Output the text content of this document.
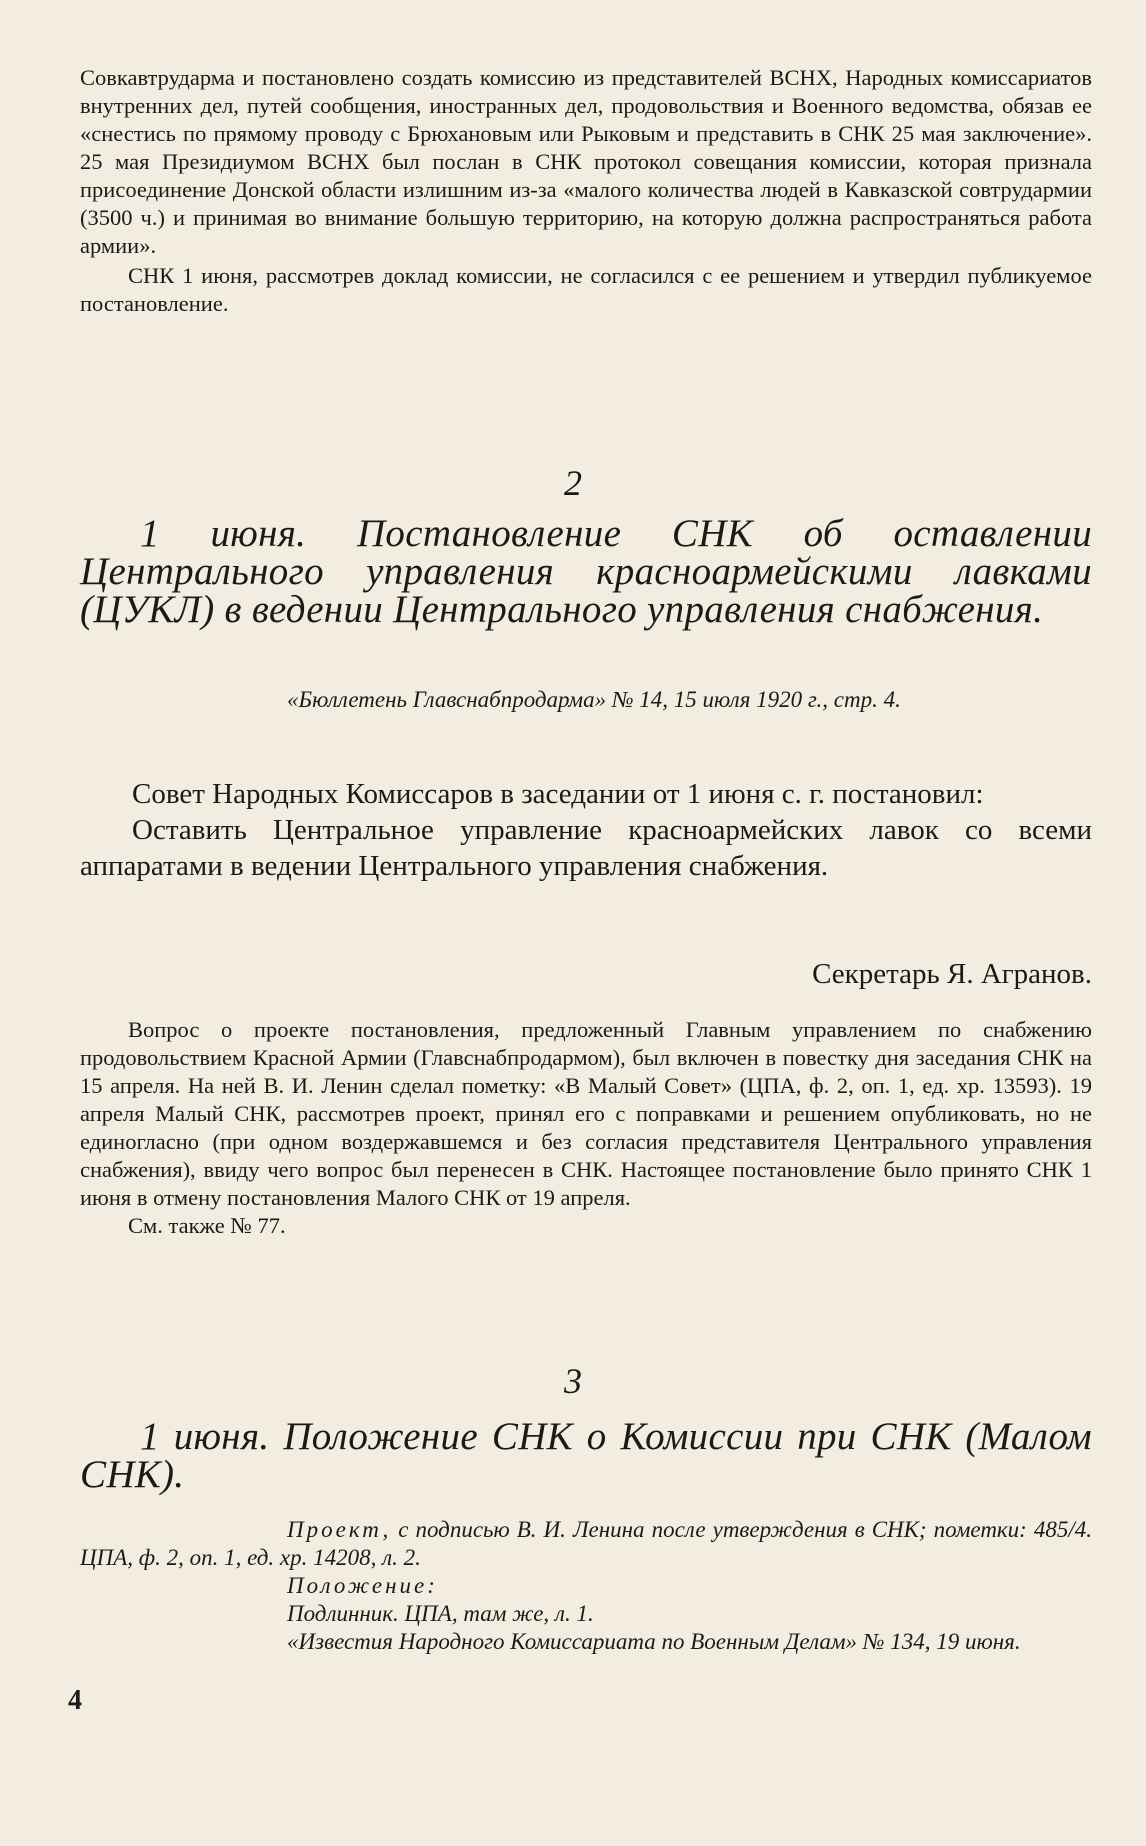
Совкавтрударма и постановлено создать комиссию из представителей ВСНХ, Народных комиссариатов внутренних дел, путей сообщения, иностранных дел, продовольствия и Военного ведомства, обязав ее «снестись по прямому проводу с Брюхановым или Рыковым и представить в СНК 25 мая заключение». 25 мая Президиумом ВСНХ был послан в СНК протокол совещания комиссии, которая признала присоединение Донской области излишним из-за «малого количества людей в Кавказской совтрудармии (3500 ч.) и принимая во внимание большую территорию, на которую должна распространяться работа армии».

СНК 1 июня, рассмотрев доклад комиссии, не согласился с ее решением и утвердил публикуемое постановление.

2

1 июня. Постановление СНК об оставлении Центрального управления красноармейскими лавками (ЦУКЛ) в ведении Центрального управления снабжения.

«Бюллетень Главснабпродарма» № 14, 15 июля 1920 г., стр. 4.

Совет Народных Комиссаров в заседании от 1 июня с. г. постановил:

Оставить Центральное управление красноармейских лавок со всеми аппаратами в ведении Центрального управления снабжения.

Секретарь Я. Агранов.

Вопрос о проекте постановления, предложенный Главным управлением по снабжению продовольствием Красной Армии (Главснабпродармом), был включен в повестку дня заседания СНК на 15 апреля. На ней В. И. Ленин сделал пометку: «В Малый Совет» (ЦПА, ф. 2, оп. 1, ед. хр. 13593). 19 апреля Малый СНК, рассмотрев проект, принял его с поправками и решением опубликовать, но не единогласно (при одном воздержавшемся и без согласия представителя Центрального управления снабжения), ввиду чего вопрос был перенесен в СНК. Настоящее постановление было принято СНК 1 июня в отмену постановления Малого СНК от 19 апреля.

См. также № 77.

3

1 июня. Положение СНК о Комиссии при СНК (Малом СНК).

Проект, с подписью В. И. Ленина после утверждения в СНК; пометки: 485/4. ЦПА, ф. 2, оп. 1, ед. хр. 14208, л. 2.

Положение:

Подлинник. ЦПА, там же, л. 1.

«Известия Народного Комиссариата по Военным Делам» № 134, 19 июня.

4
